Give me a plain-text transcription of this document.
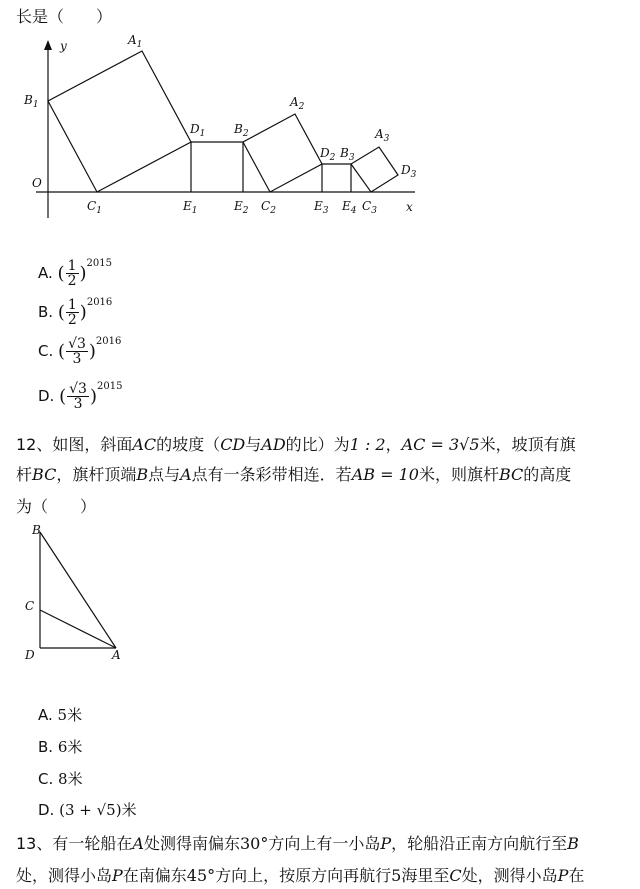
长是（　　）
y
x
O
$A_1$
$B_1$
$C_1$
$D_1$
$E_1$
$A_2$
$B_2$
$C_2$
$D_2$
$E_2$
$A_3$
$B_3$
$C_3$
$D_3$
$E_3$ $E_4$
A. ( $\frac{1}{2} )^{2015}$
B. ( $\frac{1}{2} )^{2016}$
C. ( $\frac{√3}{3} )^{2016}$
D. ( $\frac{√3}{3} )^{2015}$
12、如图，斜面AC的坡度（CD与AD的比）为1 : 2，AC = 3√5米，坡顶有旗
杆BC，旗杆顶端B点与A点有一条彩带相连．若AB = 10米，则旗杆BC的高度
为（　　）
B
C
D	A
A. 5米
B. 6米
C. 8米
D. (3 + √5)米
13、有一轮船在A处测得南偏东30°方向上有一小岛P，轮船沿正南方向航行至B
处，测得小岛P在南偏东45°方向上，按原方向再航行5海里至C处，测得小岛P在
